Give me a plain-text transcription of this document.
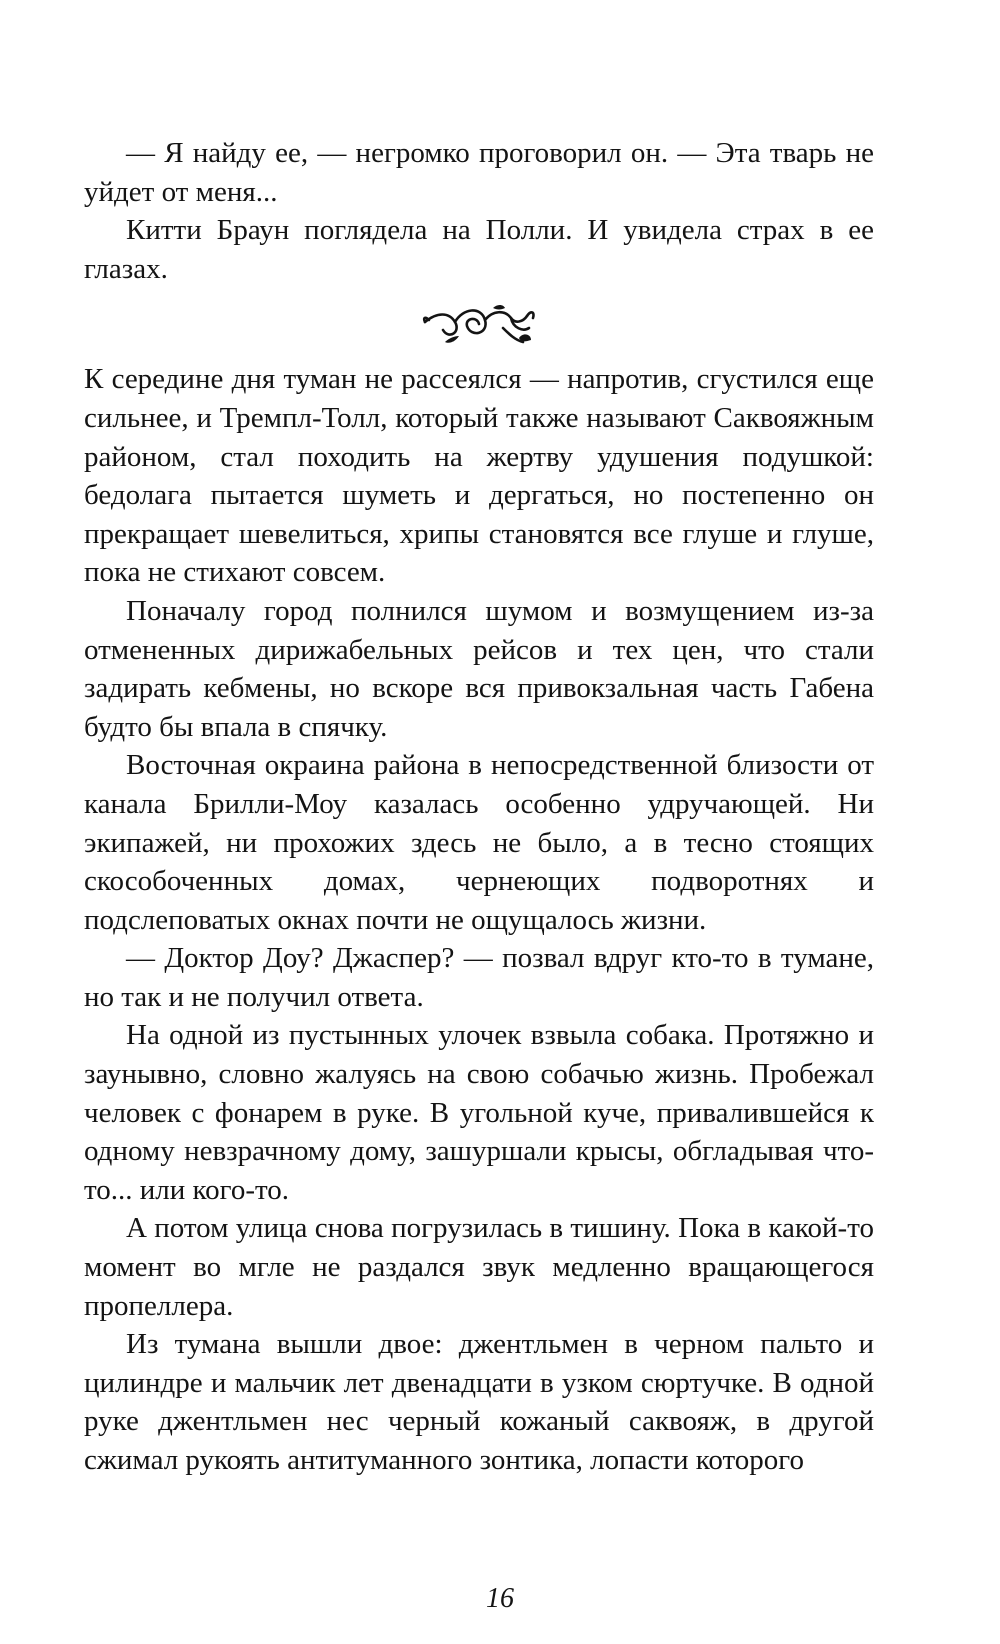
— Я найду ее, — негромко проговорил он. — Эта тварь не уйдет от меня...

Китти Браун поглядела на Полли. И увидела страх в ее глазах.

К середине дня туман не рассеялся — напротив, сгустился еще сильнее, и Тремпл-Толл, который также называют Саквояжным районом, стал походить на жертву удушения подушкой: бедолага пытается шуметь и дергаться, но постепенно он прекращает шевелиться, хрипы становятся все глуше и глуше, пока не стихают совсем.

Поначалу город полнился шумом и возмущением из-за отмененных дирижабельных рейсов и тех цен, что стали задирать кебмены, но вскоре вся привокзальная часть Габена будто бы впала в спячку.

Восточная окраина района в непосредственной близости от канала Брилли-Моу казалась особенно удручающей. Ни экипажей, ни прохожих здесь не было, а в тесно стоящих скособоченных домах, чернеющих подворотнях и подслеповатых окнах почти не ощущалось жизни.

— Доктор Доу? Джаспер? — позвал вдруг кто-то в тумане, но так и не получил ответа.

На одной из пустынных улочек взвыла собака. Протяжно и заунывно, словно жалуясь на свою собачью жизнь. Пробежал человек с фонарем в руке. В угольной куче, привалившейся к одному невзрачному дому, зашуршали крысы, обгладывая что-то... или кого-то.

А потом улица снова погрузилась в тишину. Пока в какой-то момент во мгле не раздался звук медленно вращающегося пропеллера.

Из тумана вышли двое: джентльмен в черном пальто и цилиндре и мальчик лет двенадцати в узком сюртучке. В одной руке джентльмен нес черный кожаный саквояж, в другой сжимал рукоять антитуманного зонтика, лопасти которого

16
